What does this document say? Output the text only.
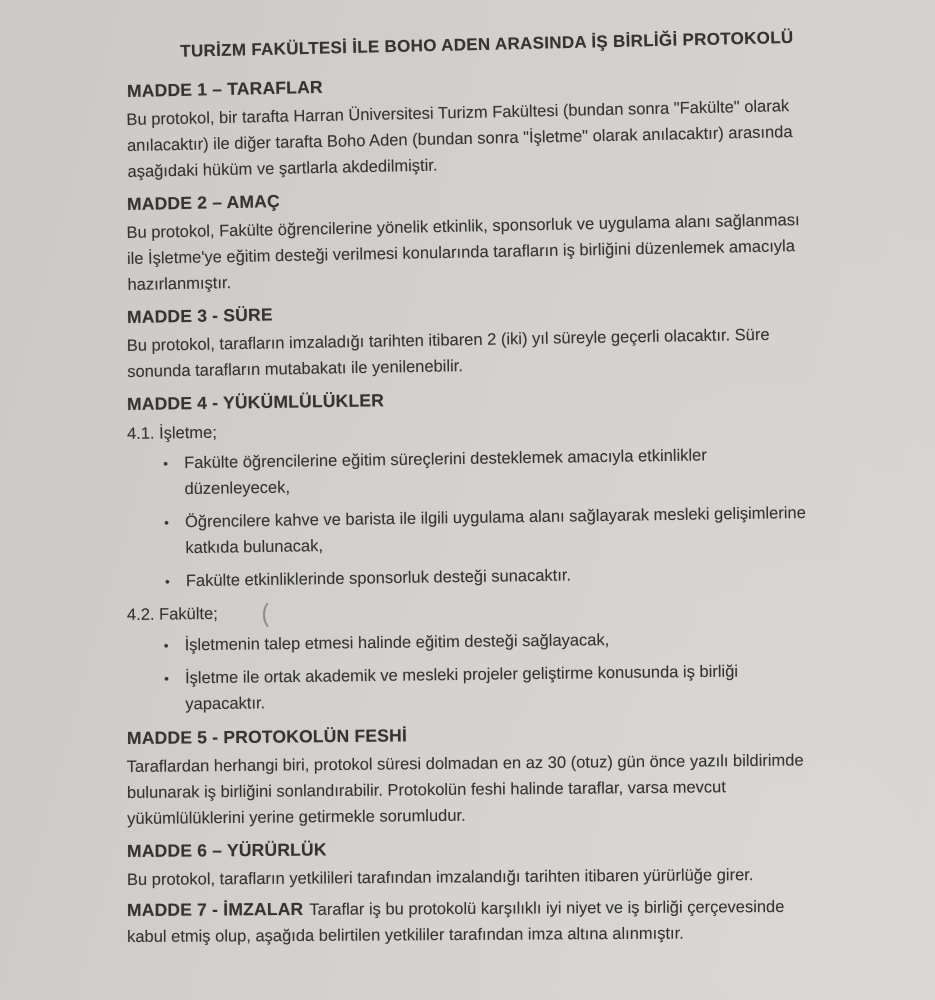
TURİZM FAKÜLTESİ İLE BOHO ADEN ARASINDA İŞ BİRLİĞİ PROTOKOLÜ
MADDE 1 – TARAFLAR
Bu protokol, bir tarafta Harran Üniversitesi Turizm Fakültesi (bundan sonra "Fakülte" olarak
anılacaktır) ile diğer tarafta Boho Aden (bundan sonra "İşletme" olarak anılacaktır) arasında
aşağıdaki hüküm ve şartlarla akdedilmiştir.
MADDE 2 – AMAÇ
Bu protokol, Fakülte öğrencilerine yönelik etkinlik, sponsorluk ve uygulama alanı sağlanması
ile İşletme'ye eğitim desteği verilmesi konularında tarafların iş birliğini düzenlemek amacıyla
hazırlanmıştır.
MADDE 3 - SÜRE
Bu protokol, tarafların imzaladığı tarihten itibaren 2 (iki) yıl süreyle geçerli olacaktır. Süre
sonunda tarafların mutabakatı ile yenilenebilir.
MADDE 4 - YÜKÜMLÜLÜKLER
4.1. İşletme;
• Fakülte öğrencilerine eğitim süreçlerini desteklemek amacıyla etkinlikler
düzenleyecek,
• Öğrencilere kahve ve barista ile ilgili uygulama alanı sağlayarak mesleki gelişimlerine
katkıda bulunacak,
• Fakülte etkinliklerinde sponsorluk desteği sunacaktır.
4.2. Fakülte; (
• İşletmenin talep etmesi halinde eğitim desteği sağlayacak,
• İşletme ile ortak akademik ve mesleki projeler geliştirme konusunda iş birliği
yapacaktır.
MADDE 5 - PROTOKOLÜN FESHİ
Taraflardan herhangi biri, protokol süresi dolmadan en az 30 (otuz) gün önce yazılı bildirimde
bulunarak iş birliğini sonlandırabilir. Protokolün feshi halinde taraflar, varsa mevcut
yükümlülüklerini yerine getirmekle sorumludur.
MADDE 6 – YÜRÜRLÜK
Bu protokol, tarafların yetkilileri tarafından imzalandığı tarihten itibaren yürürlüğe girer.
MADDE 7 - İMZALAR Taraflar iş bu protokolü karşılıklı iyi niyet ve iş birliği çerçevesinde
kabul etmiş olup, aşağıda belirtilen yetkililer tarafından imza altına alınmıştır.
